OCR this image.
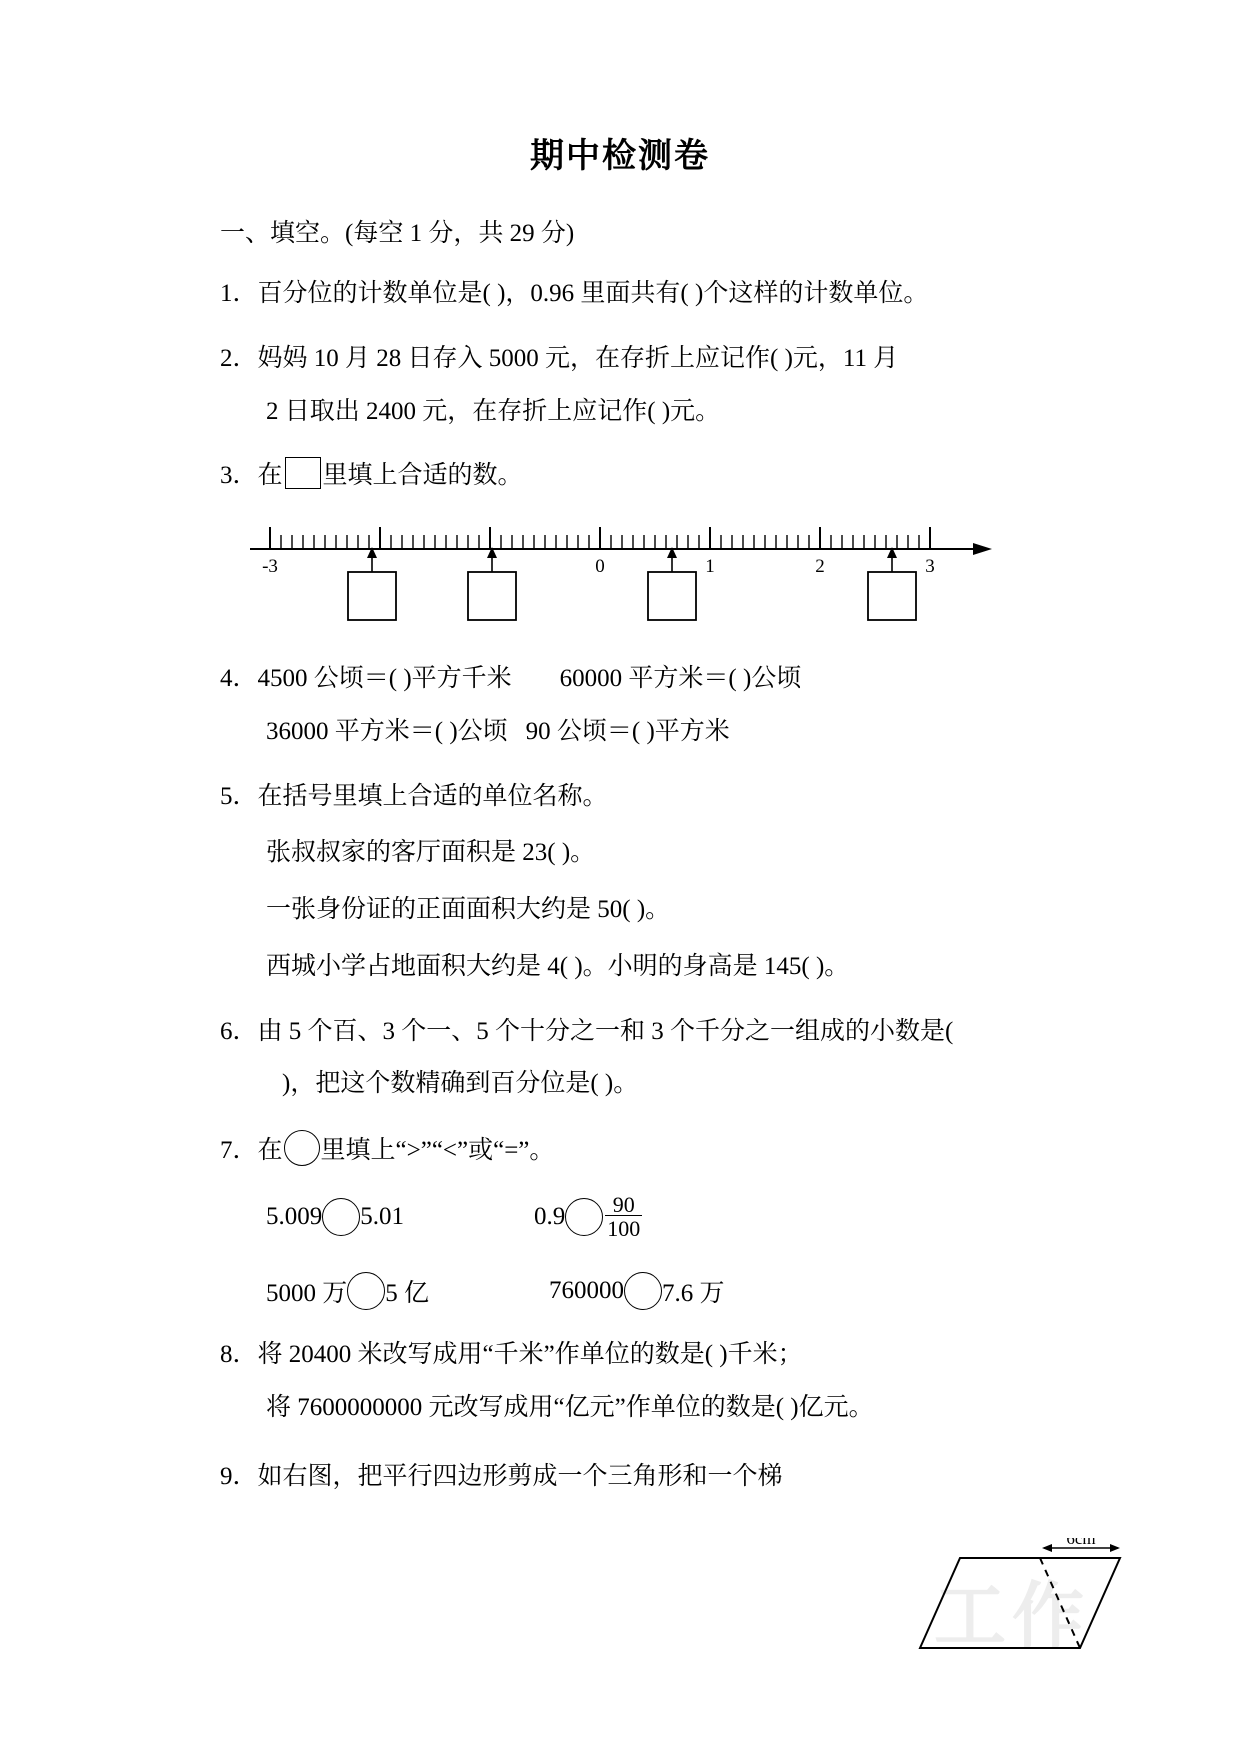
期中检测卷
一、填空。(每空 1 分，共 29 分)
1．百分位的计数单位是( )，0.96 里面共有( )个这样的计数单位。
2．妈妈 10 月 28 日存入 5000 元，在存折上应记作( )元，11 月
2 日取出 2400 元，在存折上应记作( )元。
3．在 里填上合适的数。
-3	0	1	2	3
4．4500 公顷＝( )平方千米 60000 平方米＝( )公顷
36000 平方米＝( )公顷 90 公顷＝( )平方米
5．在括号里填上合适的单位名称。
张叔叔家的客厅面积是 23( )。
一张身份证的正面面积大约是 50( )。
西城小学占地面积大约是 4( )。小明的身高是 145( )。
6．由 5 个百、3 个一、5 个十分之一和 3 个千分之一组成的小数是(
)，把这个数精确到百分位是( )。
7．在 里填上“>”“<”或“=”。
5.009 5.01	$0.9 \frac{90}{100}$
5000 万 5 亿	760000 7.6 万
8．将 20400 米改写成用“千米”作单位的数是( )千米；
将 7600000000 元改写成用“亿元”作单位的数是( )亿元。
9．如右图，把平行四边形剪成一个三角形和一个梯
工作
6cm
